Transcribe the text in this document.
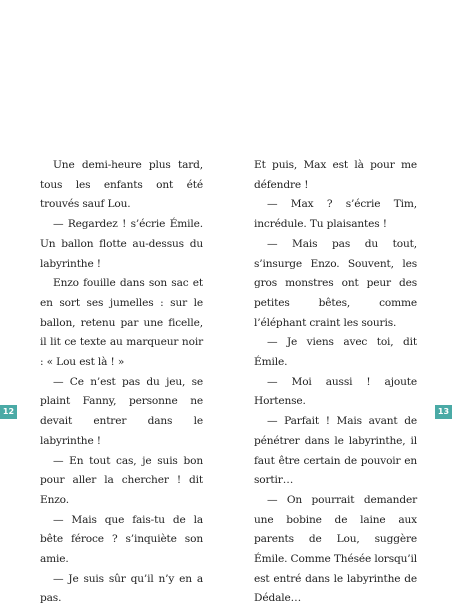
Une demi-heure plus tard, tous les enfants ont été trouvés sauf Lou.

— Regardez ! s’écrie Émile. Un ballon flotte au-dessus du labyrinthe !

Enzo fouille dans son sac et en sort ses jumelles : sur le ballon, retenu par une ficelle, il lit ce texte au marqueur noir : « Lou est là ! »

— Ce n’est pas du jeu, se plaint Fanny, personne ne devait entrer dans le labyrinthe !

— En tout cas, je suis bon pour aller la chercher ! dit Enzo.

— Mais que fais-tu de la bête féroce ? s’inquiète son amie.

— Je suis sûr qu’il n’y en a pas.

12

Et puis, Max est là pour me défendre !

— Max ? s’écrie Tim, incrédule. Tu plaisantes !

— Mais pas du tout, s’insurge Enzo. Souvent, les gros monstres ont peur des petites bêtes, comme l’éléphant craint les souris.

— Je viens avec toi, dit Émile.

— Moi aussi ! ajoute Hortense.

— Parfait ! Mais avant de pénétrer dans le labyrinthe, il faut être certain de pouvoir en sortir…

— On pourrait demander une bobine de laine aux parents de Lou, suggère Émile. Comme Thésée lorsqu’il est entré dans le labyrinthe de Dédale…

13
